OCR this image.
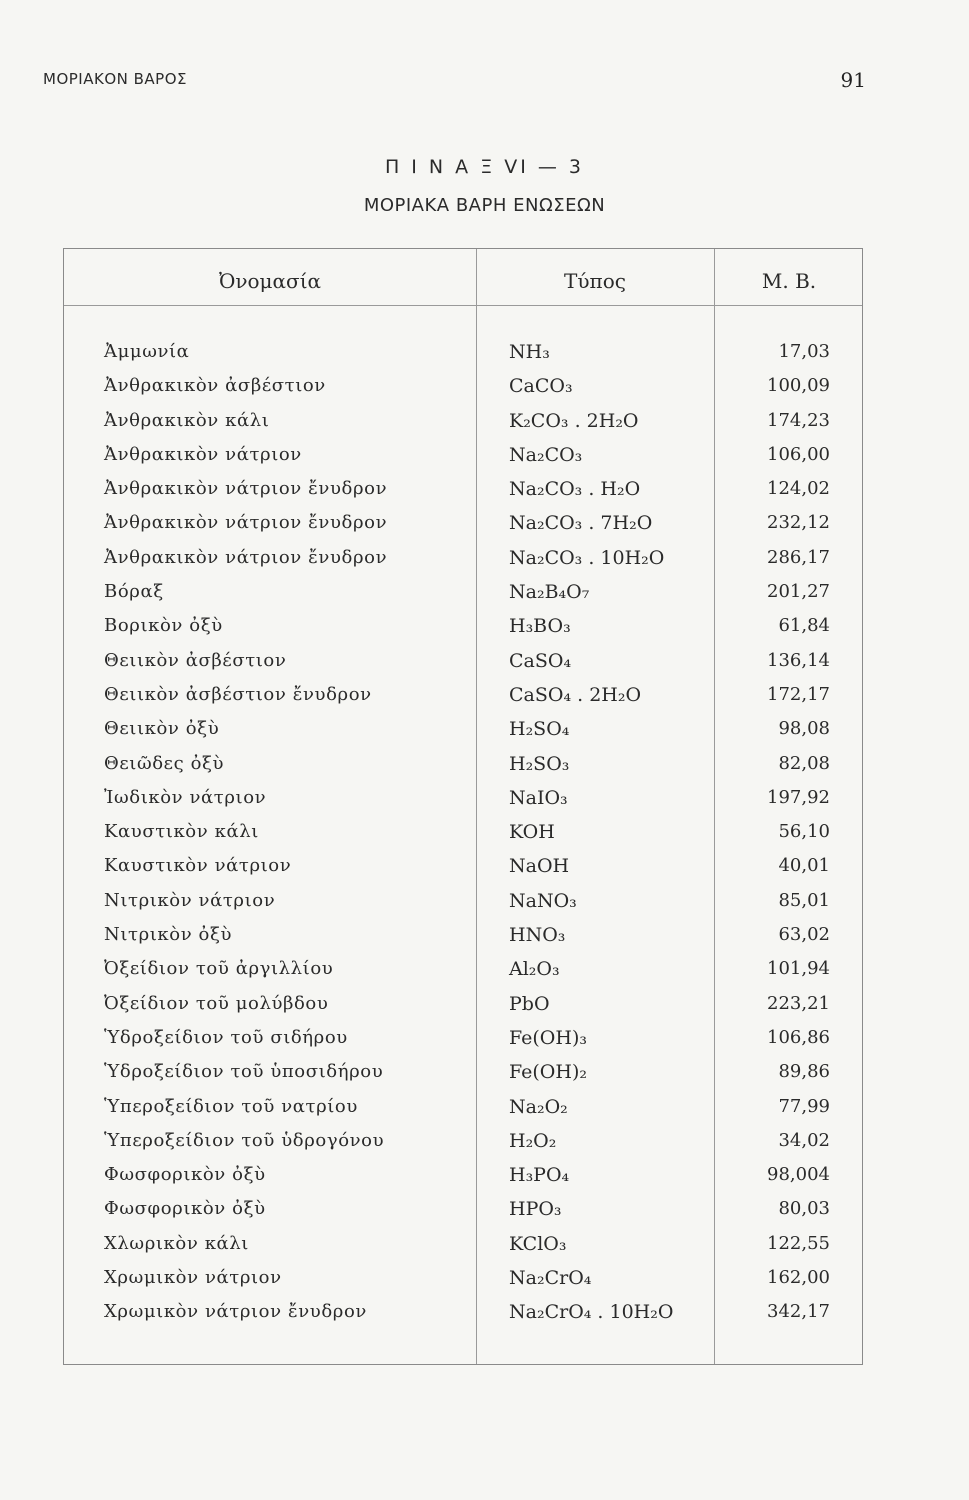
ΜΟΡΙΑΚΟΝ ΒΑΡΟΣ	91
Π Ι Ν Α Ξ VI — 3
ΜΟΡΙΑΚΑ ΒΑΡΗ ΕΝΩΣΕΩΝ
Ὀνομασία	Τύπος	Μ. Β.
Ἀμμωνία	NH₃	17,03
Ἀνθρακικὸν ἀσβέστιον	CaCO₃	100,09
Ἀνθρακικὸν κάλι	K₂CO₃ . 2H₂O	174,23
Ἀνθρακικὸν νάτριον	Na₂CO₃	106,00
Ἀνθρακικὸν νάτριον ἔνυδρον	Na₂CO₃ . H₂O	124,02
Ἀνθρακικὸν νάτριον ἔνυδρον	Na₂CO₃ . 7H₂O	232,12
Ἀνθρακικὸν νάτριον ἔνυδρον	Na₂CO₃ . 10H₂O	286,17
Βόραξ	Na₂B₄O₇	201,27
Βορικὸν ὀξὺ	H₃BO₃	61,84
Θειικὸν ἀσβέστιον	CaSO₄	136,14
Θειικὸν ἀσβέστιον ἔνυδρον	CaSO₄ . 2H₂O	172,17
Θειικὸν ὀξὺ	H₂SO₄	98,08
Θειῶδες ὀξὺ	H₂SO₃	82,08
Ἰωδικὸν νάτριον	NaIO₃	197,92
Καυστικὸν κάλι	KOH	56,10
Καυστικὸν νάτριον	NaOH	40,01
Νιτρικὸν νάτριον	NaNO₃	85,01
Νιτρικὸν ὀξὺ	HNO₃	63,02
Ὀξείδιον τοῦ ἀργιλλίου	Al₂O₃	101,94
Ὀξείδιον τοῦ μολύβδου	PbO	223,21
Ὑδροξείδιον τοῦ σιδήρου	Fe(OH)₃	106,86
Ὑδροξείδιον τοῦ ὑποσιδήρου	Fe(OH)₂	89,86
Ὑπεροξείδιον τοῦ νατρίου	Na₂O₂	77,99
Ὑπεροξείδιον τοῦ ὑδρογόνου	H₂O₂	34,02
Φωσφορικὸν ὀξὺ	H₃PO₄	98,004
Φωσφορικὸν ὀξὺ	HPO₃	80,03
Χλωρικὸν κάλι	KClO₃	122,55
Χρωμικὸν νάτριον	Na₂CrO₄	162,00
Χρωμικὸν νάτριον ἔνυδρον	Na₂CrO₄ . 10H₂O	342,17
